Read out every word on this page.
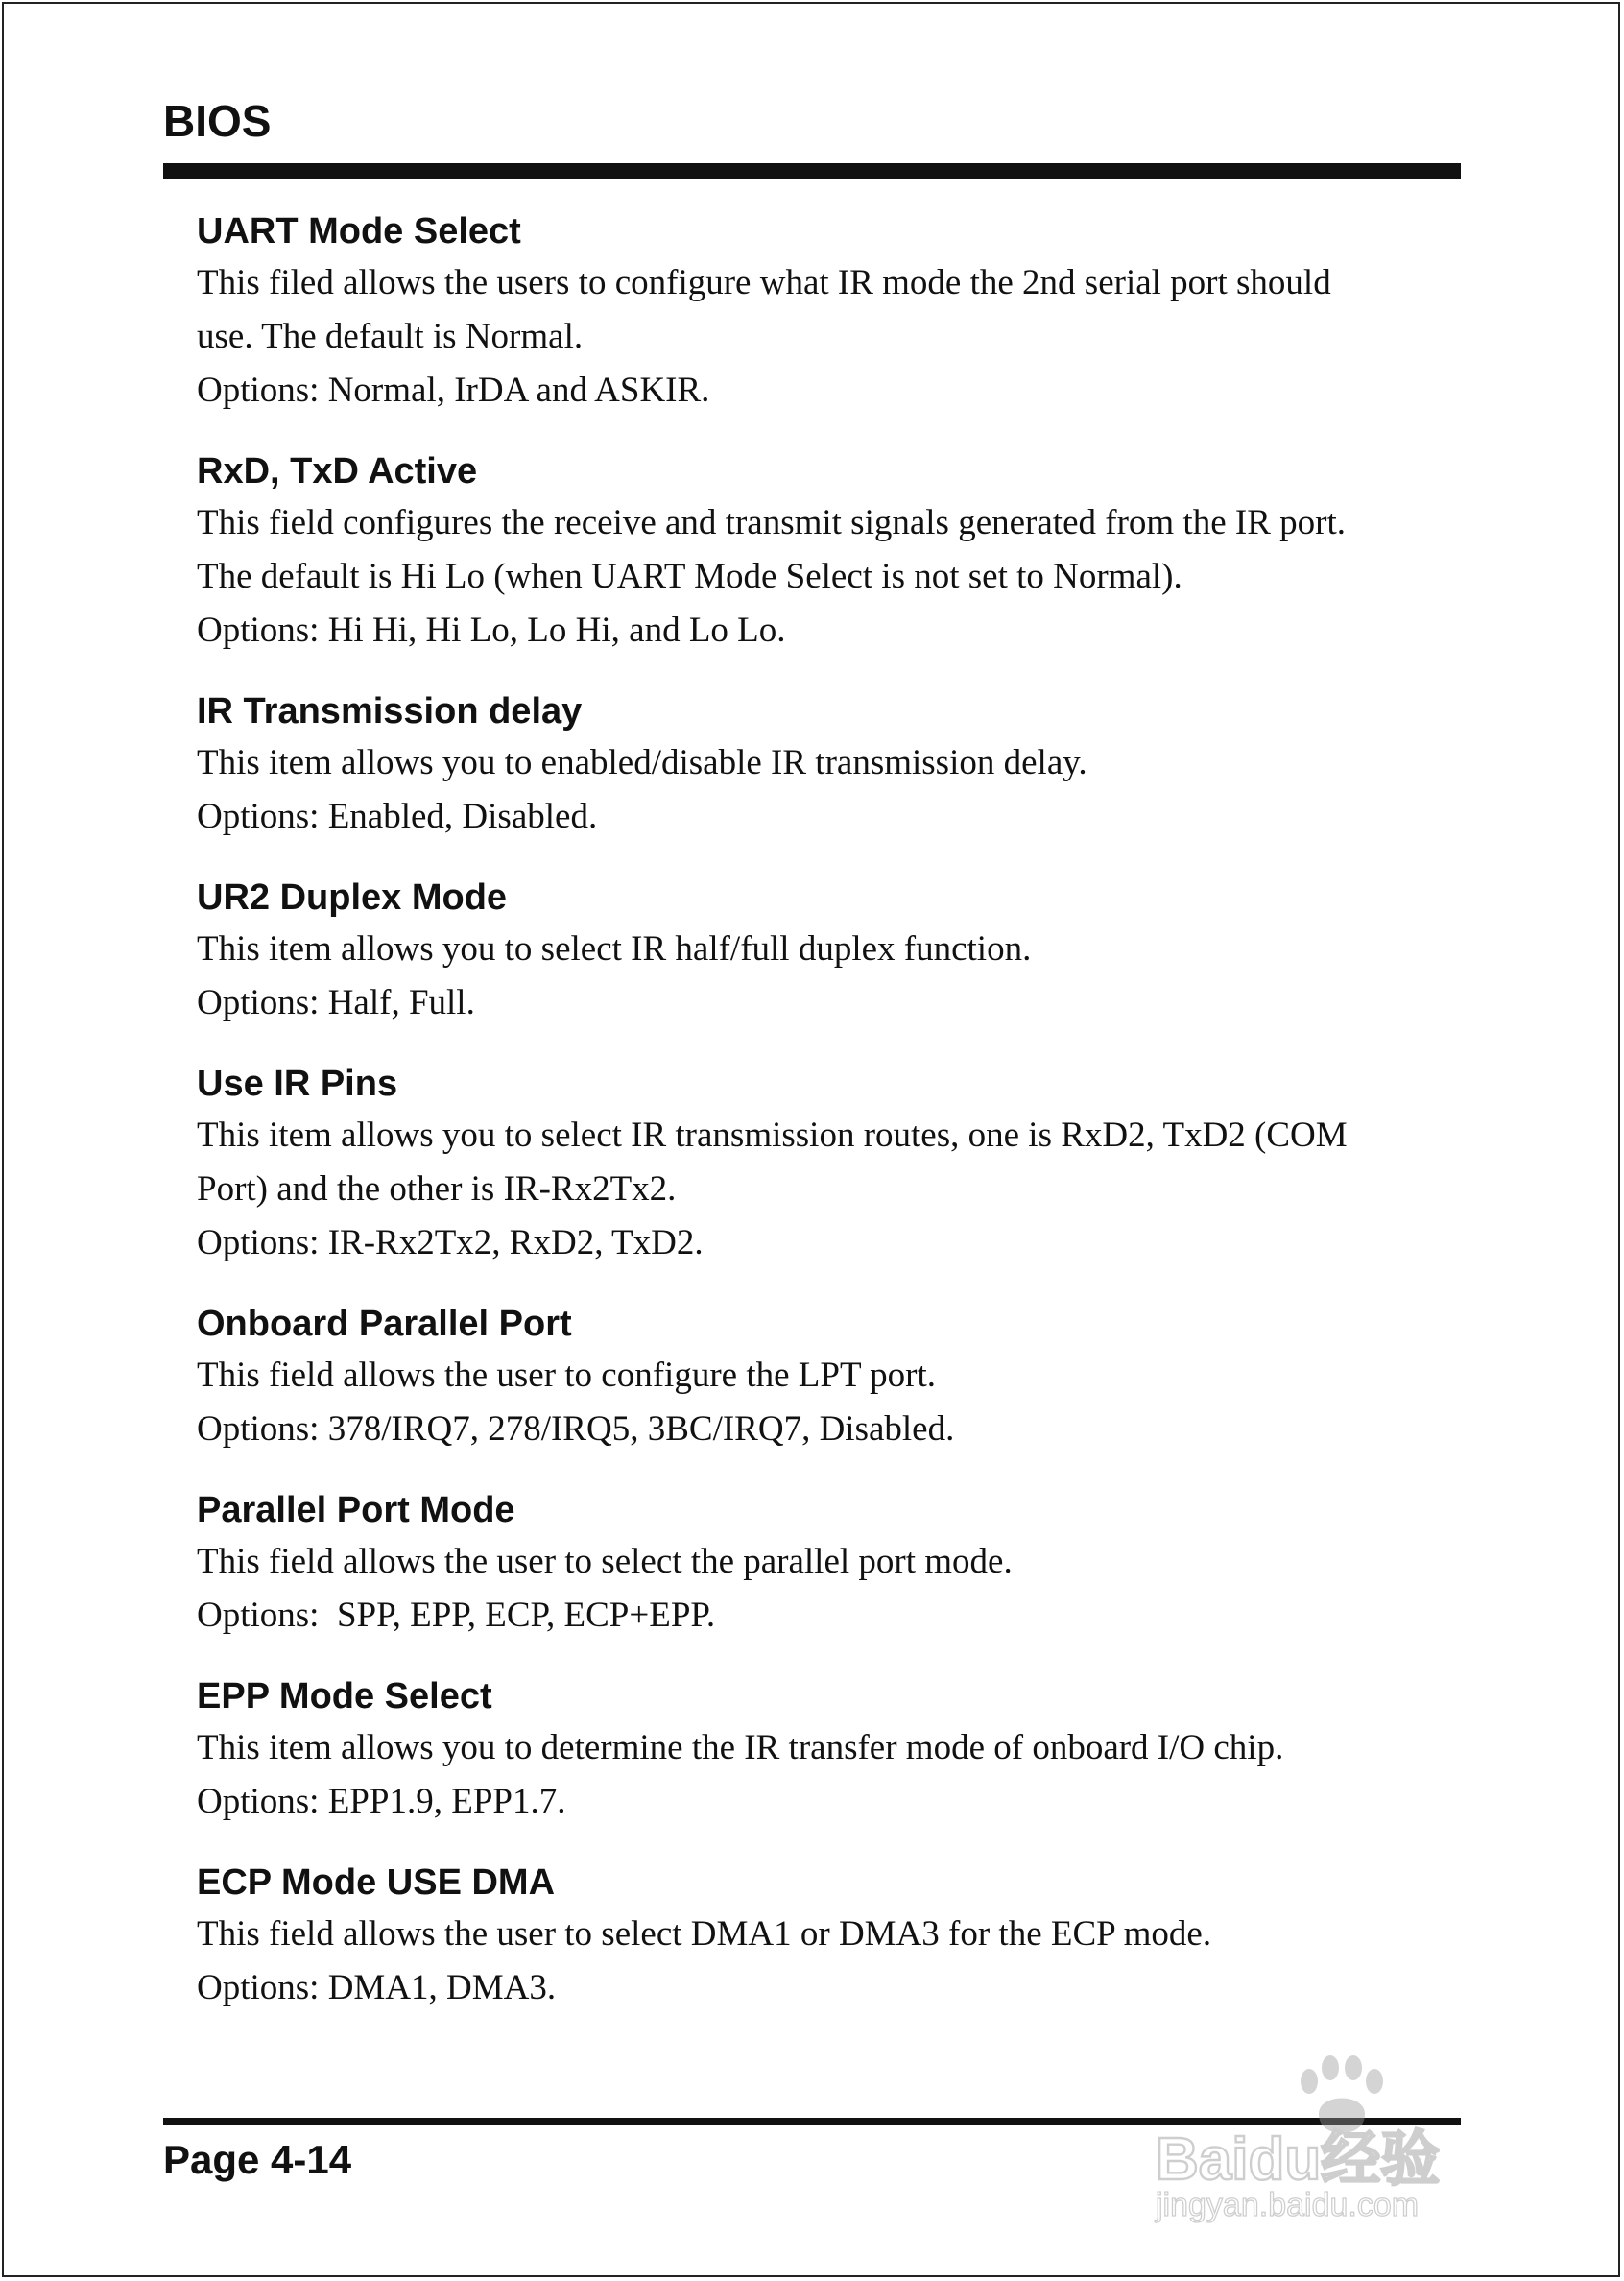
BIOS
UART Mode Select
This filed allows the users to configure what IR mode the 2nd serial port should
use. The default is Normal.
Options: Normal, IrDA and ASKIR.
RxD, TxD Active
This field configures the receive and transmit signals generated from the IR port.
The default is Hi Lo (when UART Mode Select is not set to Normal).
Options: Hi Hi, Hi Lo, Lo Hi, and Lo Lo.
IR Transmission delay
This item allows you to enabled/disable IR transmission delay.
Options: Enabled, Disabled.
UR2 Duplex Mode
This item allows you to select IR half/full duplex function.
Options: Half, Full.
Use IR Pins
This item allows you to select IR transmission routes, one is RxD2, TxD2 (COM
Port) and the other is IR-Rx2Tx2.
Options: IR-Rx2Tx2, RxD2, TxD2.
Onboard Parallel Port
This field allows the user to configure the LPT port.
Options: 378/IRQ7, 278/IRQ5, 3BC/IRQ7, Disabled.
Parallel Port Mode
This field allows the user to select the parallel port mode.
Options:  SPP, EPP, ECP, ECP+EPP.
EPP Mode Select
This item allows you to determine the IR transfer mode of onboard I/O chip.
Options: EPP1.9, EPP1.7.
ECP Mode USE DMA
This field allows the user to select DMA1 or DMA3 for the ECP mode.
Options: DMA1, DMA3.
Page 4-14	Baidu经验
jingyan.baidu.com
